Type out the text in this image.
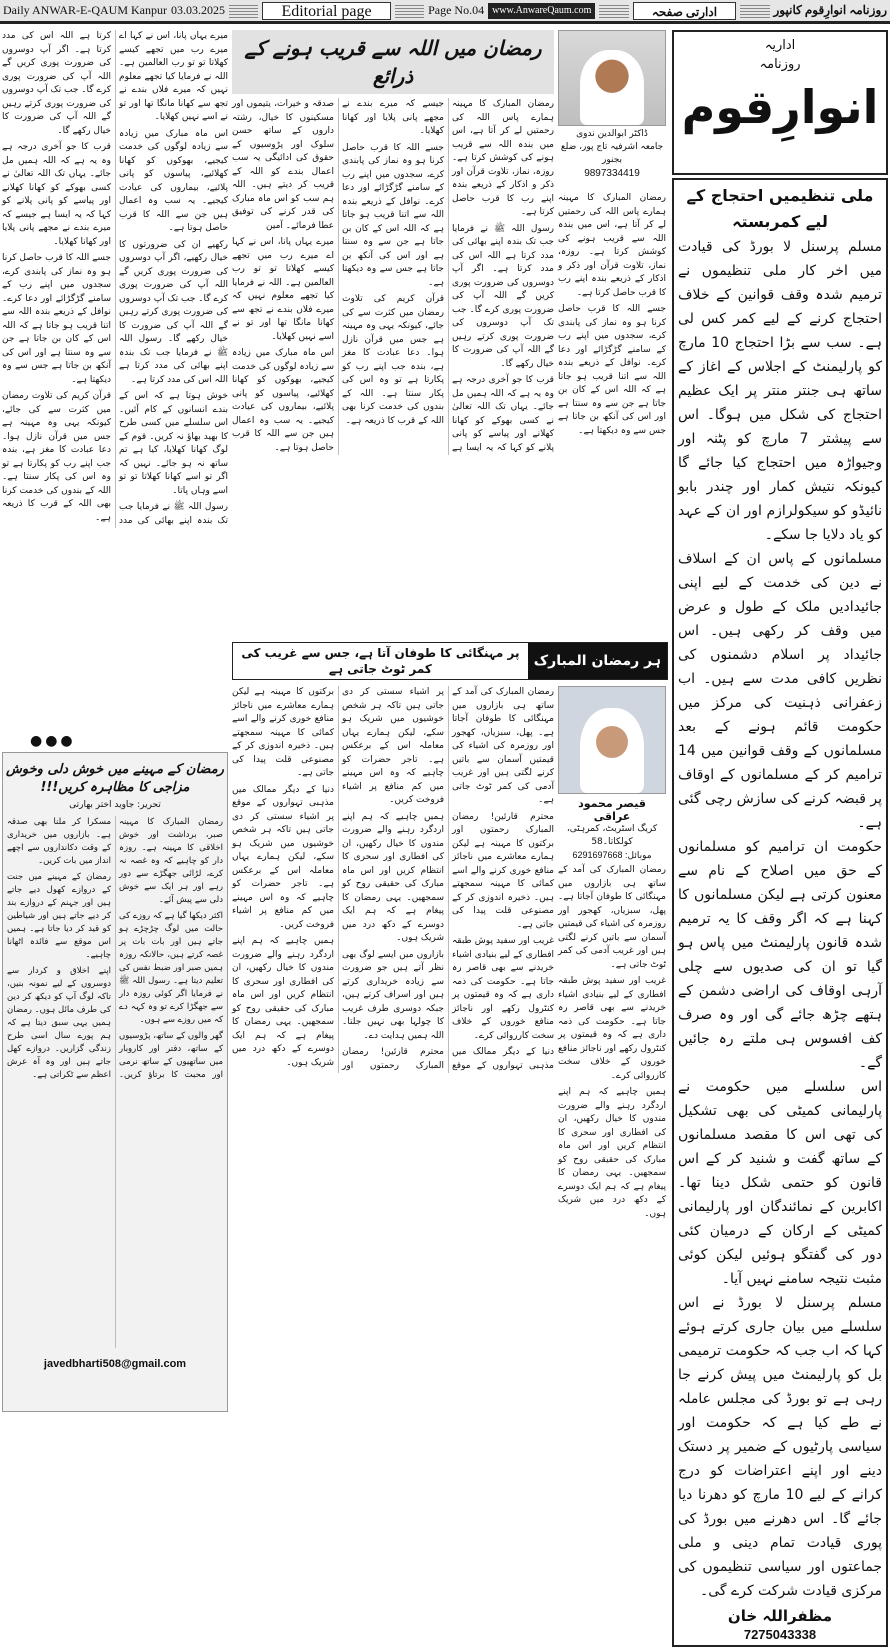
Daily ANWAR-E-QAUM Kanpur 03.03.2025	Editorial page	Page No.04 www.AnwareQaum.com	ادارتی صفحہ	روزنامہ انوارِقوم کانپور

میرے یہاں پانا، اس نے کہا اے میرے رب میں تجھے کیسے کھلاتا تو تو رب العالمین ہے۔ اللہ نے فرمایا کیا تجھے معلوم نہیں کہ میرے فلاں بندے نے تجھ سے کھانا مانگا تھا اور تو نے اسے نہیں کھلایا۔

اس ماہ مبارک میں زیادہ سے زیادہ لوگوں کی خدمت کیجیے، بھوکوں کو کھانا کھلائیے، پیاسوں کو پانی پلائیے، بیماروں کی عیادت کیجیے۔ یہ سب وہ اعمال ہیں جن سے اللہ کا قرب حاصل ہوتا ہے۔

رکھیے ان کی ضرورتوں کا خیال رکھیے، اگر آپ دوسروں کی ضرورت پوری کریں گے اللہ آپ کی ضرورت پوری کرے گا۔ جب تک آپ دوسروں کی ضرورت پوری کرتے رہیں گے اللہ آپ کی ضرورت کا خیال رکھے گا۔ رسول اللہ ﷺ نے فرمایا جب تک بندہ اپنے بھائی کی مدد کرتا ہے اللہ اس کی مدد کرتا ہے۔

خوش ہوتا ہے کہ اس کے بندے انسانوں کے کام آئیں۔ اس سلسلے میں کسی طرح کا بھید بھاؤ نہ کریں۔ قوم کے لوگ کھانا کھلایا، کیا ہے تم ساتھ نہ ہو جائے۔ نہیں کہ اگر تو اسے کھانا کھلاتا تو تو اسے وہاں پاتا۔

رسول اللہ ﷺ نے فرمایا جب تک بندہ اپنے بھائی کی مدد کرتا ہے اللہ اس کی مدد کرتا ہے۔ اگر آپ دوسروں کی ضرورت پوری کریں گے اللہ آپ کی ضرورت پوری کرے گا۔ جب تک آپ دوسروں کی ضرورت پوری کرتے رہیں گے اللہ آپ کی ضرورت کا خیال رکھے گا۔

قرب کا جو آخری درجہ ہے وہ یہ ہے کہ اللہ ہمیں مل جائے۔ یہاں تک اللہ تعالیٰ نے کسی بھوکے کو کھانا کھلانے اور پیاسے کو پانی پلانے کو کہا کہ یہ ایسا ہے جیسے کہ میرے بندے نے مجھے پانی پلایا اور کھانا کھلایا۔

جسے اللہ کا قرب حاصل کرنا ہو وہ نماز کی پابندی کرے، سجدوں میں اپنے رب کے سامنے گڑگڑائے اور دعا کرے۔ نوافل کے ذریعے بندہ اللہ سے اتنا قریب ہو جاتا ہے کہ اللہ اس کے کان بن جاتا ہے جن سے وہ سنتا ہے اور اس کی آنکھ بن جاتا ہے جس سے وہ دیکھتا ہے۔

قرآن کریم کی تلاوت رمضان میں کثرت سے کی جائے، کیونکہ یہی وہ مہینہ ہے جس میں قرآن نازل ہوا۔ دعا عبادت کا مغز ہے، بندہ جب اپنے رب کو پکارتا ہے تو وہ اس کی پکار سنتا ہے۔ اللہ کے بندوں کی خدمت کرنا بھی اللہ کے قرب کا ذریعہ ہے۔

●●●
رمضان کے مہینے میں خوش دلی وخوش مزاجی کا مظاہرہ کریں!!!
تحریر: جاوید اختر بھارتی

رمضان المبارک کا مہینہ صبر، برداشت اور خوش اخلاقی کا مہینہ ہے۔ روزہ دار کو چاہیے کہ وہ غصہ نہ کرے، لڑائی جھگڑے سے دور رہے اور ہر ایک سے خوش دلی سے پیش آئے۔

اکثر دیکھا گیا ہے کہ روزے کی حالت میں لوگ چڑچڑے ہو جاتے ہیں اور بات بات پر غصہ کرتے ہیں، حالانکہ روزہ ہمیں صبر اور ضبط نفس کی تعلیم دیتا ہے۔ رسول اللہ ﷺ نے فرمایا اگر کوئی روزہ دار سے جھگڑا کرے تو وہ کہہ دے کہ میں روزے سے ہوں۔

گھر والوں کے ساتھ، پڑوسیوں کے ساتھ، دفتر اور کاروبار میں ساتھیوں کے ساتھ نرمی اور محبت کا برتاؤ کریں۔ مسکرا کر ملنا بھی صدقہ ہے۔ بازاروں میں خریداری کے وقت دکانداروں سے اچھے انداز میں بات کریں۔

رمضان کے مہینے میں جنت کے دروازے کھول دیے جاتے ہیں اور جہنم کے دروازے بند کر دیے جاتے ہیں اور شیاطین کو قید کر دیا جاتا ہے۔ ہمیں اس موقع سے فائدہ اٹھانا چاہیے۔

اپنے اخلاق و کردار سے دوسروں کے لیے نمونہ بنیں، تاکہ لوگ آپ کو دیکھ کر دین کی طرف مائل ہوں۔ رمضان ہمیں یہی سبق دیتا ہے کہ ہم پورے سال اسی طرح زندگی گزاریں۔ دروازے کھل جاتے ہیں اور وہ آہ عرش اعظم سے ٹکراتی ہے۔

javedbharti508@gmail.com
رمضان میں اللہ سے قریب ہونے کے ذرائع

رمضان المبارک کا مہینہ ہمارے پاس اللہ کی رحمتیں لے کر آتا ہے، اس میں بندہ اللہ سے قریب ہونے کی کوشش کرتا ہے۔ روزہ، نماز، تلاوت قرآن اور ذکر و اذکار کے ذریعے بندہ اپنے رب کا قرب حاصل کرتا ہے۔

رسول اللہ ﷺ نے فرمایا جب تک بندہ اپنے بھائی کی مدد کرتا ہے اللہ اس کی مدد کرتا ہے۔ اگر آپ دوسروں کی ضرورت پوری کریں گے اللہ آپ کی ضرورت پوری کرے گا۔ جب تک آپ دوسروں کی ضرورت پوری کرتے رہیں گے اللہ آپ کی ضرورت کا خیال رکھے گا۔

قرب کا جو آخری درجہ ہے وہ یہ ہے کہ اللہ ہمیں مل جائے۔ یہاں تک اللہ تعالیٰ نے کسی بھوکے کو کھانا کھلانے اور پیاسے کو پانی پلانے کو کہا کہ یہ ایسا ہے جیسے کہ میرے بندے نے مجھے پانی پلایا اور کھانا کھلایا۔

جسے اللہ کا قرب حاصل کرنا ہو وہ نماز کی پابندی کرے، سجدوں میں اپنے رب کے سامنے گڑگڑائے اور دعا کرے۔ نوافل کے ذریعے بندہ اللہ سے اتنا قریب ہو جاتا ہے کہ اللہ اس کے کان بن جاتا ہے جن سے وہ سنتا ہے اور اس کی آنکھ بن جاتا ہے جس سے وہ دیکھتا ہے۔

قرآن کریم کی تلاوت رمضان میں کثرت سے کی جائے، کیونکہ یہی وہ مہینہ ہے جس میں قرآن نازل ہوا۔ دعا عبادت کا مغز ہے، بندہ جب اپنے رب کو پکارتا ہے تو وہ اس کی پکار سنتا ہے۔ اللہ کے بندوں کی خدمت کرنا بھی اللہ کے قرب کا ذریعہ ہے۔

صدقہ و خیرات، یتیموں اور مسکینوں کا خیال، رشتہ داروں کے ساتھ حسن سلوک اور پڑوسیوں کے حقوق کی ادائیگی یہ سب اعمال بندے کو اللہ کے قریب کر دیتے ہیں۔ اللہ ہم سب کو اس ماہ مبارک کی قدر کرنے کی توفیق عطا فرمائے۔ آمین

میرے یہاں پانا، اس نے کہا اے میرے رب میں تجھے کیسے کھلاتا تو تو رب العالمین ہے۔ اللہ نے فرمایا کیا تجھے معلوم نہیں کہ میرے فلاں بندے نے تجھ سے کھانا مانگا تھا اور تو نے اسے نہیں کھلایا۔

اس ماہ مبارک میں زیادہ سے زیادہ لوگوں کی خدمت کیجیے، بھوکوں کو کھانا کھلائیے، پیاسوں کو پانی پلائیے، بیماروں کی عیادت کیجیے۔ یہ سب وہ اعمال ہیں جن سے اللہ کا قرب حاصل ہوتا ہے۔

ڈاکٹر ابوالدین ندوی
جامعہ اشرفیہ تاج پور، ضلع بجنور
9897334419

رمضان المبارک کا مہینہ ہمارے پاس اللہ کی رحمتیں لے کر آتا ہے، اس میں بندہ اللہ سے قریب ہونے کی کوشش کرتا ہے۔ روزہ، نماز، تلاوت قرآن اور ذکر و اذکار کے ذریعے بندہ اپنے رب کا قرب حاصل کرتا ہے۔

جسے اللہ کا قرب حاصل کرنا ہو وہ نماز کی پابندی کرے، سجدوں میں اپنے رب کے سامنے گڑگڑائے اور دعا کرے۔ نوافل کے ذریعے بندہ اللہ سے اتنا قریب ہو جاتا ہے کہ اللہ اس کے کان بن جاتا ہے جن سے وہ سنتا ہے اور اس کی آنکھ بن جاتا ہے جس سے وہ دیکھتا ہے۔

ہر رمضان المبارک
پر مہنگائی کا طوفان آتا ہے، جس سے غریب کی کمر ٹوٹ جاتی ہے

رمضان المبارک کی آمد کے ساتھ ہی بازاروں میں مہنگائی کا طوفان آجاتا ہے۔ پھل، سبزیاں، کھجور اور روزمرہ کی اشیاء کی قیمتیں آسمان سے باتیں کرنے لگتی ہیں اور غریب آدمی کی کمر ٹوٹ جاتی ہے۔

محترم قارئین! رمضان المبارک رحمتوں اور برکتوں کا مہینہ ہے لیکن ہمارے معاشرے میں ناجائز منافع خوری کرنے والے اسے کمائی کا مہینہ سمجھتے ہیں۔ ذخیرہ اندوزی کر کے مصنوعی قلت پیدا کی جاتی ہے۔

غریب اور سفید پوش طبقہ افطاری کے لیے بنیادی اشیاء خریدنے سے بھی قاصر رہ جاتا ہے۔ حکومت کی ذمہ داری ہے کہ وہ قیمتوں پر کنٹرول رکھے اور ناجائز منافع خوروں کے خلاف سخت کارروائی کرے۔

دنیا کے دیگر ممالک میں مذہبی تہواروں کے موقع پر اشیاء سستی کر دی جاتی ہیں تاکہ ہر شخص خوشیوں میں شریک ہو سکے، لیکن ہمارے یہاں معاملہ اس کے برعکس ہے۔ تاجر حضرات کو چاہیے کہ وہ اس مہینے میں کم منافع پر اشیاء فروخت کریں۔

ہمیں چاہیے کہ ہم اپنے اردگرد رہنے والے ضرورت مندوں کا خیال رکھیں، ان کی افطاری اور سحری کا انتظام کریں اور اس ماہ مبارک کی حقیقی روح کو سمجھیں۔ یہی رمضان کا پیغام ہے کہ ہم ایک دوسرے کے دکھ درد میں شریک ہوں۔

بازاروں میں ایسے لوگ بھی نظر آتے ہیں جو ضرورت سے زیادہ خریداری کرتے ہیں اور اسراف کرتے ہیں، جبکہ دوسری طرف غریب کا چولہا بھی نہیں جلتا۔ اللہ ہمیں ہدایت دے۔

محترم قارئین! رمضان المبارک رحمتوں اور برکتوں کا مہینہ ہے لیکن ہمارے معاشرے میں ناجائز منافع خوری کرنے والے اسے کمائی کا مہینہ سمجھتے ہیں۔ ذخیرہ اندوزی کر کے مصنوعی قلت پیدا کی جاتی ہے۔

دنیا کے دیگر ممالک میں مذہبی تہواروں کے موقع پر اشیاء سستی کر دی جاتی ہیں تاکہ ہر شخص خوشیوں میں شریک ہو سکے، لیکن ہمارے یہاں معاملہ اس کے برعکس ہے۔ تاجر حضرات کو چاہیے کہ وہ اس مہینے میں کم منافع پر اشیاء فروخت کریں۔

ہمیں چاہیے کہ ہم اپنے اردگرد رہنے والے ضرورت مندوں کا خیال رکھیں، ان کی افطاری اور سحری کا انتظام کریں اور اس ماہ مبارک کی حقیقی روح کو سمجھیں۔ یہی رمضان کا پیغام ہے کہ ہم ایک دوسرے کے دکھ درد میں شریک ہوں۔

قیصر محمود عراقی
کریگ اسٹریٹ، کمرہٹی، کولکاتا۔58
موبائل: 6291697668

رمضان المبارک کی آمد کے ساتھ ہی بازاروں میں مہنگائی کا طوفان آجاتا ہے۔ پھل، سبزیاں، کھجور اور روزمرہ کی اشیاء کی قیمتیں آسمان سے باتیں کرنے لگتی ہیں اور غریب آدمی کی کمر ٹوٹ جاتی ہے۔

غریب اور سفید پوش طبقہ افطاری کے لیے بنیادی اشیاء خریدنے سے بھی قاصر رہ جاتا ہے۔ حکومت کی ذمہ داری ہے کہ وہ قیمتوں پر کنٹرول رکھے اور ناجائز منافع خوروں کے خلاف سخت کارروائی کرے۔

ہمیں چاہیے کہ ہم اپنے اردگرد رہنے والے ضرورت مندوں کا خیال رکھیں، ان کی افطاری اور سحری کا انتظام کریں اور اس ماہ مبارک کی حقیقی روح کو سمجھیں۔ یہی رمضان کا پیغام ہے کہ ہم ایک دوسرے کے دکھ درد میں شریک ہوں۔

اداریہ
روزنامہ
انوارِقوم
ملی تنظیمیں احتجاج کے لیے کمربستہ

مسلم پرسنل لا بورڈ کی قیادت میں اخر کار ملی تنظیموں نے ترمیم شدہ وقف قوانین کے خلاف احتجاج کرنے کے لیے کمر کس لی ہے۔ سب سے بڑا احتجاج 10 مارچ کو پارلیمنٹ کے اجلاس کے اغاز کے ساتھ ہی جنتر منتر پر ایک عظیم احتجاج کی شکل میں ہوگا۔ اس سے پیشتر 7 مارچ کو پٹنہ اور وجیواڑہ میں احتجاج کیا جائے گا کیونکہ نتیش کمار اور چندر بابو نائیڈو کو سیکولرازم اور ان کے عہد کو یاد دلایا جا سکے۔

مسلمانوں کے پاس ان کے اسلاف نے دین کی خدمت کے لیے اپنی جائیدادیں ملک کے طول و عرض میں وقف کر رکھی ہیں۔ اس جائیداد پر اسلام دشمنوں کی نظریں کافی مدت سے ہیں۔ اب زعفرانی ذہنیت کی مرکز میں حکومت قائم ہونے کے بعد مسلمانوں کے وقف قوانین میں 14 ترامیم کر کے مسلمانوں کے اوقاف پر قبضہ کرنے کی سازش رچی گئی ہے۔

حکومت ان ترامیم کو مسلمانوں کے حق میں اصلاح کے نام سے معنون کرتی ہے لیکن مسلمانوں کا کہنا ہے کہ اگر وقف کا یہ ترمیم شدہ قانون پارلیمنٹ میں پاس ہو گیا تو ان کی صدیوں سے چلی آرہی اوقاف کی اراضی دشمن کے ہتھے چڑھ جائے گی اور وہ صرف کف افسوس ہی ملتے رہ جائیں گے۔

اس سلسلے میں حکومت نے پارلیمانی کمیٹی کی بھی تشکیل کی تھی اس کا مقصد مسلمانوں کے ساتھ گفت و شنید کر کے اس قانون کو حتمی شکل دینا تھا۔ اکابرین کے نمائندگان اور پارلیمانی کمیٹی کے ارکان کے درمیان کئی دور کی گفتگو ہوئیں لیکن کوئی مثبت نتیجہ سامنے نہیں آیا۔

مسلم پرسنل لا بورڈ نے اس سلسلے میں بیان جاری کرتے ہوئے کہا کہ اب جب کہ حکومت ترمیمی بل کو پارلیمنٹ میں پیش کرنے جا رہی ہے تو بورڈ کی مجلس عاملہ نے طے کیا ہے کہ حکومت اور سیاسی پارٹیوں کے ضمیر پر دستک دینے اور اپنے اعتراضات کو درج کرانے کے لیے 10 مارچ کو دھرنا دیا جائے گا۔ اس دھرنے میں بورڈ کی پوری قیادت تمام دینی و ملی جماعتوں اور سیاسی تنظیموں کی مرکزی قیادت شرکت کرے گی۔

مظفراللہ خان
7275043338
